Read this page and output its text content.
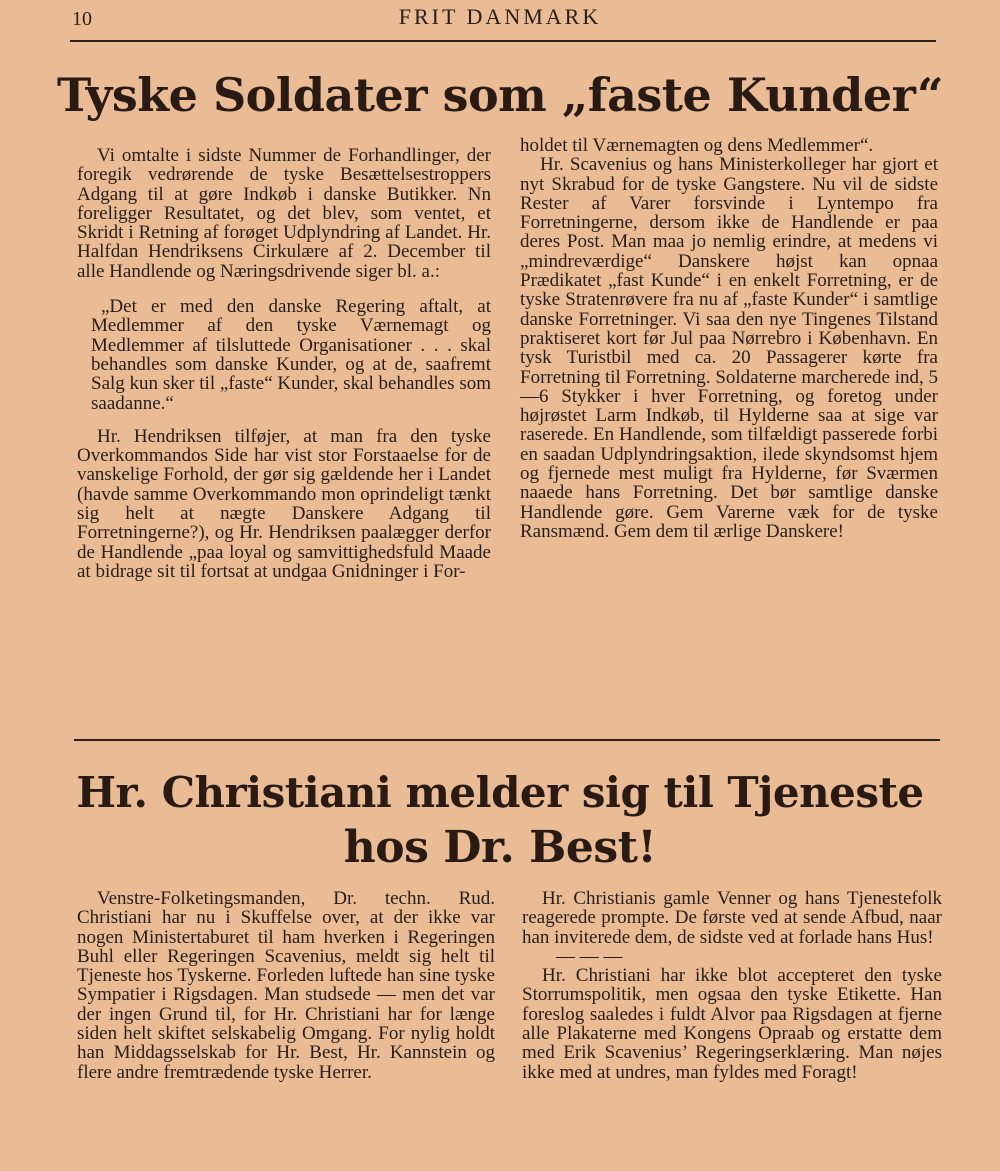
10	FRIT DANMARK
Tyske Soldater som „faste Kunder“

Vi omtalte i sidste Nummer de Forhandlinger, der foregik vedrørende de tyske Besættelsestroppers Adgang til at gøre Indkøb i danske Butikker. Nn foreligger Resultatet, og det blev, som ventet, et Skridt i Retning af forøget Udplyndring af Landet. Hr. Halfdan Hendriksens Cirkulære af 2. December til alle Handlende og Næringsdrivende siger bl. a.:

„Det er med den danske Regering aftalt, at Medlemmer af den tyske Værnemagt og Medlemmer af tilsluttede Organisationer . . . skal behandles som danske Kunder, og at de, saafremt Salg kun sker til „faste“ Kunder, skal behandles som saadanne.“

Hr. Hendriksen tilføjer, at man fra den tyske Overkommandos Side har vist stor Forstaaelse for de vanskelige Forhold, der gør sig gældende her i Landet (havde samme Overkommando mon oprindeligt tænkt sig helt at nægte Danskere Adgang til Forretningerne?), og Hr. Hendriksen paalægger derfor de Handlende „paa loyal og samvittighedsfuld Maade at bidrage sit til fortsat at undgaa Gnidninger i For-

holdet til Værnemagten og dens Medlemmer“.

Hr. Scavenius og hans Ministerkolleger har gjort et nyt Skrabud for de tyske Gangstere. Nu vil de sidste Rester af Varer forsvinde i Lyntempo fra Forretningerne, dersom ikke de Handlende er paa deres Post. Man maa jo nemlig erindre, at medens vi „mindreværdige“ Danskere højst kan opnaa Prædikatet „fast Kunde“ i en enkelt Forretning, er de tyske Stratenrøvere fra nu af „faste Kunder“ i samtlige danske Forretninger. Vi saa den nye Tingenes Tilstand praktiseret kort før Jul paa Nørrebro i København. En tysk Turistbil med ca. 20 Passagerer kørte fra Forretning til Forretning. Soldaterne marcherede ind, 5—6 Stykker i hver Forretning, og foretog under højrøstet Larm Indkøb, til Hylderne saa at sige var raserede. En Handlende, som tilfældigt passerede forbi en saadan Udplyndringsaktion, ilede skyndsomst hjem og fjernede mest muligt fra Hylderne, før Sværmen naaede hans Forretning. Det bør samtlige danske Handlende gøre. Gem Varerne væk for de tyske Ransmænd. Gem dem til ærlige Danskere!

Hr. Christiani melder sig til Tjeneste
hos Dr. Best!

Venstre-Folketingsmanden, Dr. techn. Rud. Christiani har nu i Skuffelse over, at der ikke var nogen Ministertaburet til ham hverken i Regeringen Buhl eller Regeringen Scavenius, meldt sig helt til Tjeneste hos Tyskerne. Forleden luftede han sine tyske Sympatier i Rigsdagen. Man studsede — men det var der ingen Grund til, for Hr. Christiani har for længe siden helt skiftet selskabelig Omgang. For nylig holdt han Middagsselskab for Hr. Best, Hr. Kannstein og flere andre fremtrædende tyske Herrer.

Hr. Christianis gamle Venner og hans Tjenestefolk reagerede prompte. De første ved at sende Afbud, naar han inviterede dem, de sidste ved at forlade hans Hus!

— — —

Hr. Christiani har ikke blot accepteret den tyske Storrumspolitik, men ogsaa den tyske Etikette. Han foreslog saaledes i fuldt Alvor paa Rigsdagen at fjerne alle Plakaterne med Kongens Opraab og erstatte dem med Erik Scavenius’ Regeringserklæring. Man nøjes ikke med at undres, man fyldes med Foragt!
